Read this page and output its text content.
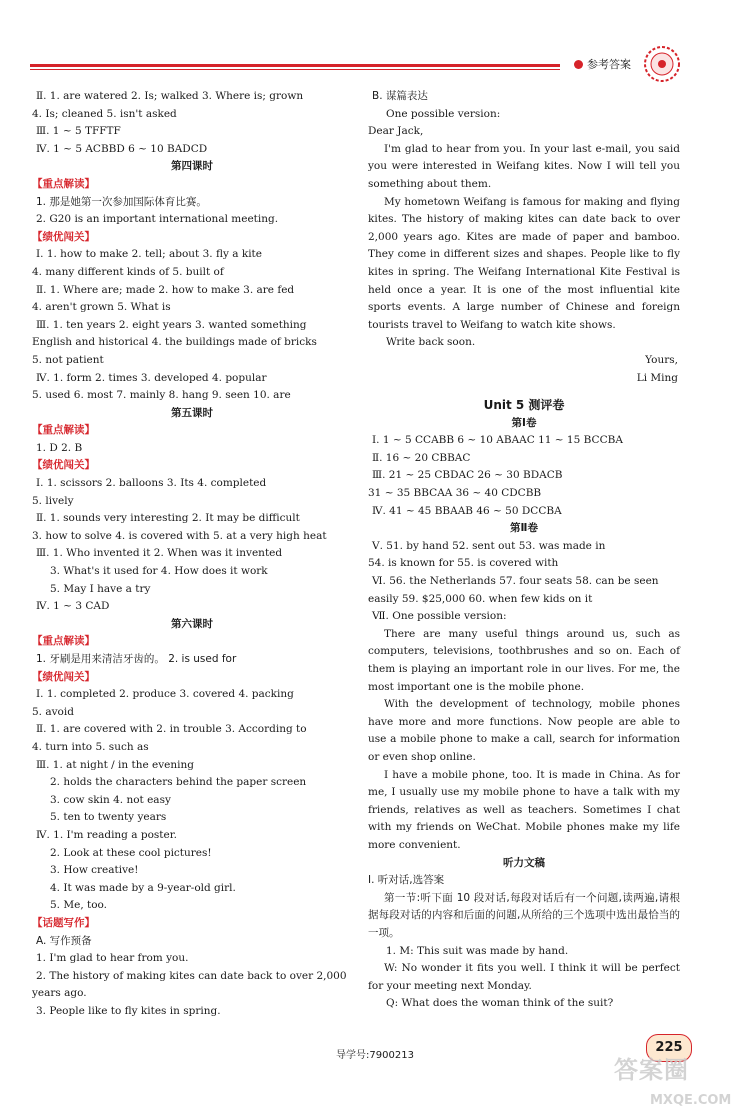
参考答案
Ⅱ. 1. are watered 2. Is; walked 3. Where is; grown
4. Is; cleaned 5. isn't asked
Ⅲ. 1 ~ 5 TFFTF
Ⅳ. 1 ~ 5 ACBBD 6 ~ 10 BADCD
第四课时
【重点解读】
1. 那是她第一次参加国际体育比赛。
2. G20 is an important international meeting.
【绩优闯关】
Ⅰ. 1. how to make 2. tell; about 3. fly a kite
4. many different kinds of 5. built of
Ⅱ. 1. Where are; made 2. how to make 3. are fed
4. aren't grown 5. What is
Ⅲ. 1. ten years 2. eight years 3. wanted something
English and historical 4. the buildings made of bricks
5. not patient
Ⅳ. 1. form 2. times 3. developed 4. popular
5. used 6. most 7. mainly 8. hang 9. seen 10. are
第五课时
【重点解读】
1. D 2. B
【绩优闯关】
Ⅰ. 1. scissors 2. balloons 3. Its 4. completed
5. lively
Ⅱ. 1. sounds very interesting 2. It may be difficult
3. how to solve 4. is covered with 5. at a very high heat
Ⅲ. 1. Who invented it 2. When was it invented
3. What's it used for 4. How does it work
5. May I have a try
Ⅳ. 1 ~ 3 CAD
第六课时
【重点解读】
1. 牙刷是用来清洁牙齿的。 2. is used for
【绩优闯关】
Ⅰ. 1. completed 2. produce 3. covered 4. packing
5. avoid
Ⅱ. 1. are covered with 2. in trouble 3. According to
4. turn into 5. such as
Ⅲ. 1. at night / in the evening
2. holds the characters behind the paper screen
3. cow skin 4. not easy
5. ten to twenty years
Ⅳ. 1. I'm reading a poster.
2. Look at these cool pictures!
3. How creative!
4. It was made by a 9-year-old girl.
5. Me, too.
【话题写作】
A. 写作预备
1. I'm glad to hear from you.
2. The history of making kites can date back to over 2,000
years ago.
3. People like to fly kites in spring.
B. 谋篇表达
One possible version:
Dear Jack,
I'm glad to hear from you. In your last e-mail, you said you were interested in Weifang kites. Now I will tell you something about them.
My hometown Weifang is famous for making and flying kites. The history of making kites can date back to over 2,000 years ago. Kites are made of paper and bamboo. They come in different sizes and shapes. People like to fly kites in spring. The Weifang International Kite Festival is held once a year. It is one of the most influential kite sports events. A large number of Chinese and foreign tourists travel to Weifang to watch kite shows.
Write back soon.
Yours,
Li Ming
Unit 5 测评卷
第Ⅰ卷
Ⅰ. 1 ~ 5 CCABB 6 ~ 10 ABAAC 11 ~ 15 BCCBA
Ⅱ. 16 ~ 20 CBBAC
Ⅲ. 21 ~ 25 CBDAC 26 ~ 30 BDACB
31 ~ 35 BBCAA 36 ~ 40 CDCBB
Ⅳ. 41 ~ 45 BBAAB 46 ~ 50 DCCBA
第Ⅱ卷
Ⅴ. 51. by hand 52. sent out 53. was made in
54. is known for 55. is covered with
Ⅵ. 56. the Netherlands 57. four seats 58. can be seen
easily 59. $25,000 60. when few kids on it
Ⅶ. One possible version:
There are many useful things around us, such as computers, televisions, toothbrushes and so on. Each of them is playing an important role in our lives. For me, the most important one is the mobile phone.
With the development of technology, mobile phones have more and more functions. Now people are able to use a mobile phone to make a call, search for information or even shop online.
I have a mobile phone, too. It is made in China. As for me, I usually use my mobile phone to have a talk with my friends, relatives as well as teachers. Sometimes I chat with my friends on WeChat. Mobile phones make my life more convenient.
听力文稿
Ⅰ. 听对话,选答案
第一节:听下面 10 段对话,每段对话后有一个问题,读两遍,请根据每段对话的内容和后面的问题,从所给的三个选项中选出最恰当的一项。
1. M: This suit was made by hand.
W: No wonder it fits you well. I think it will be perfect for your meeting next Monday.
Q: What does the woman think of the suit?
导学号:7900213
225
答案圈
MXQE.COM
